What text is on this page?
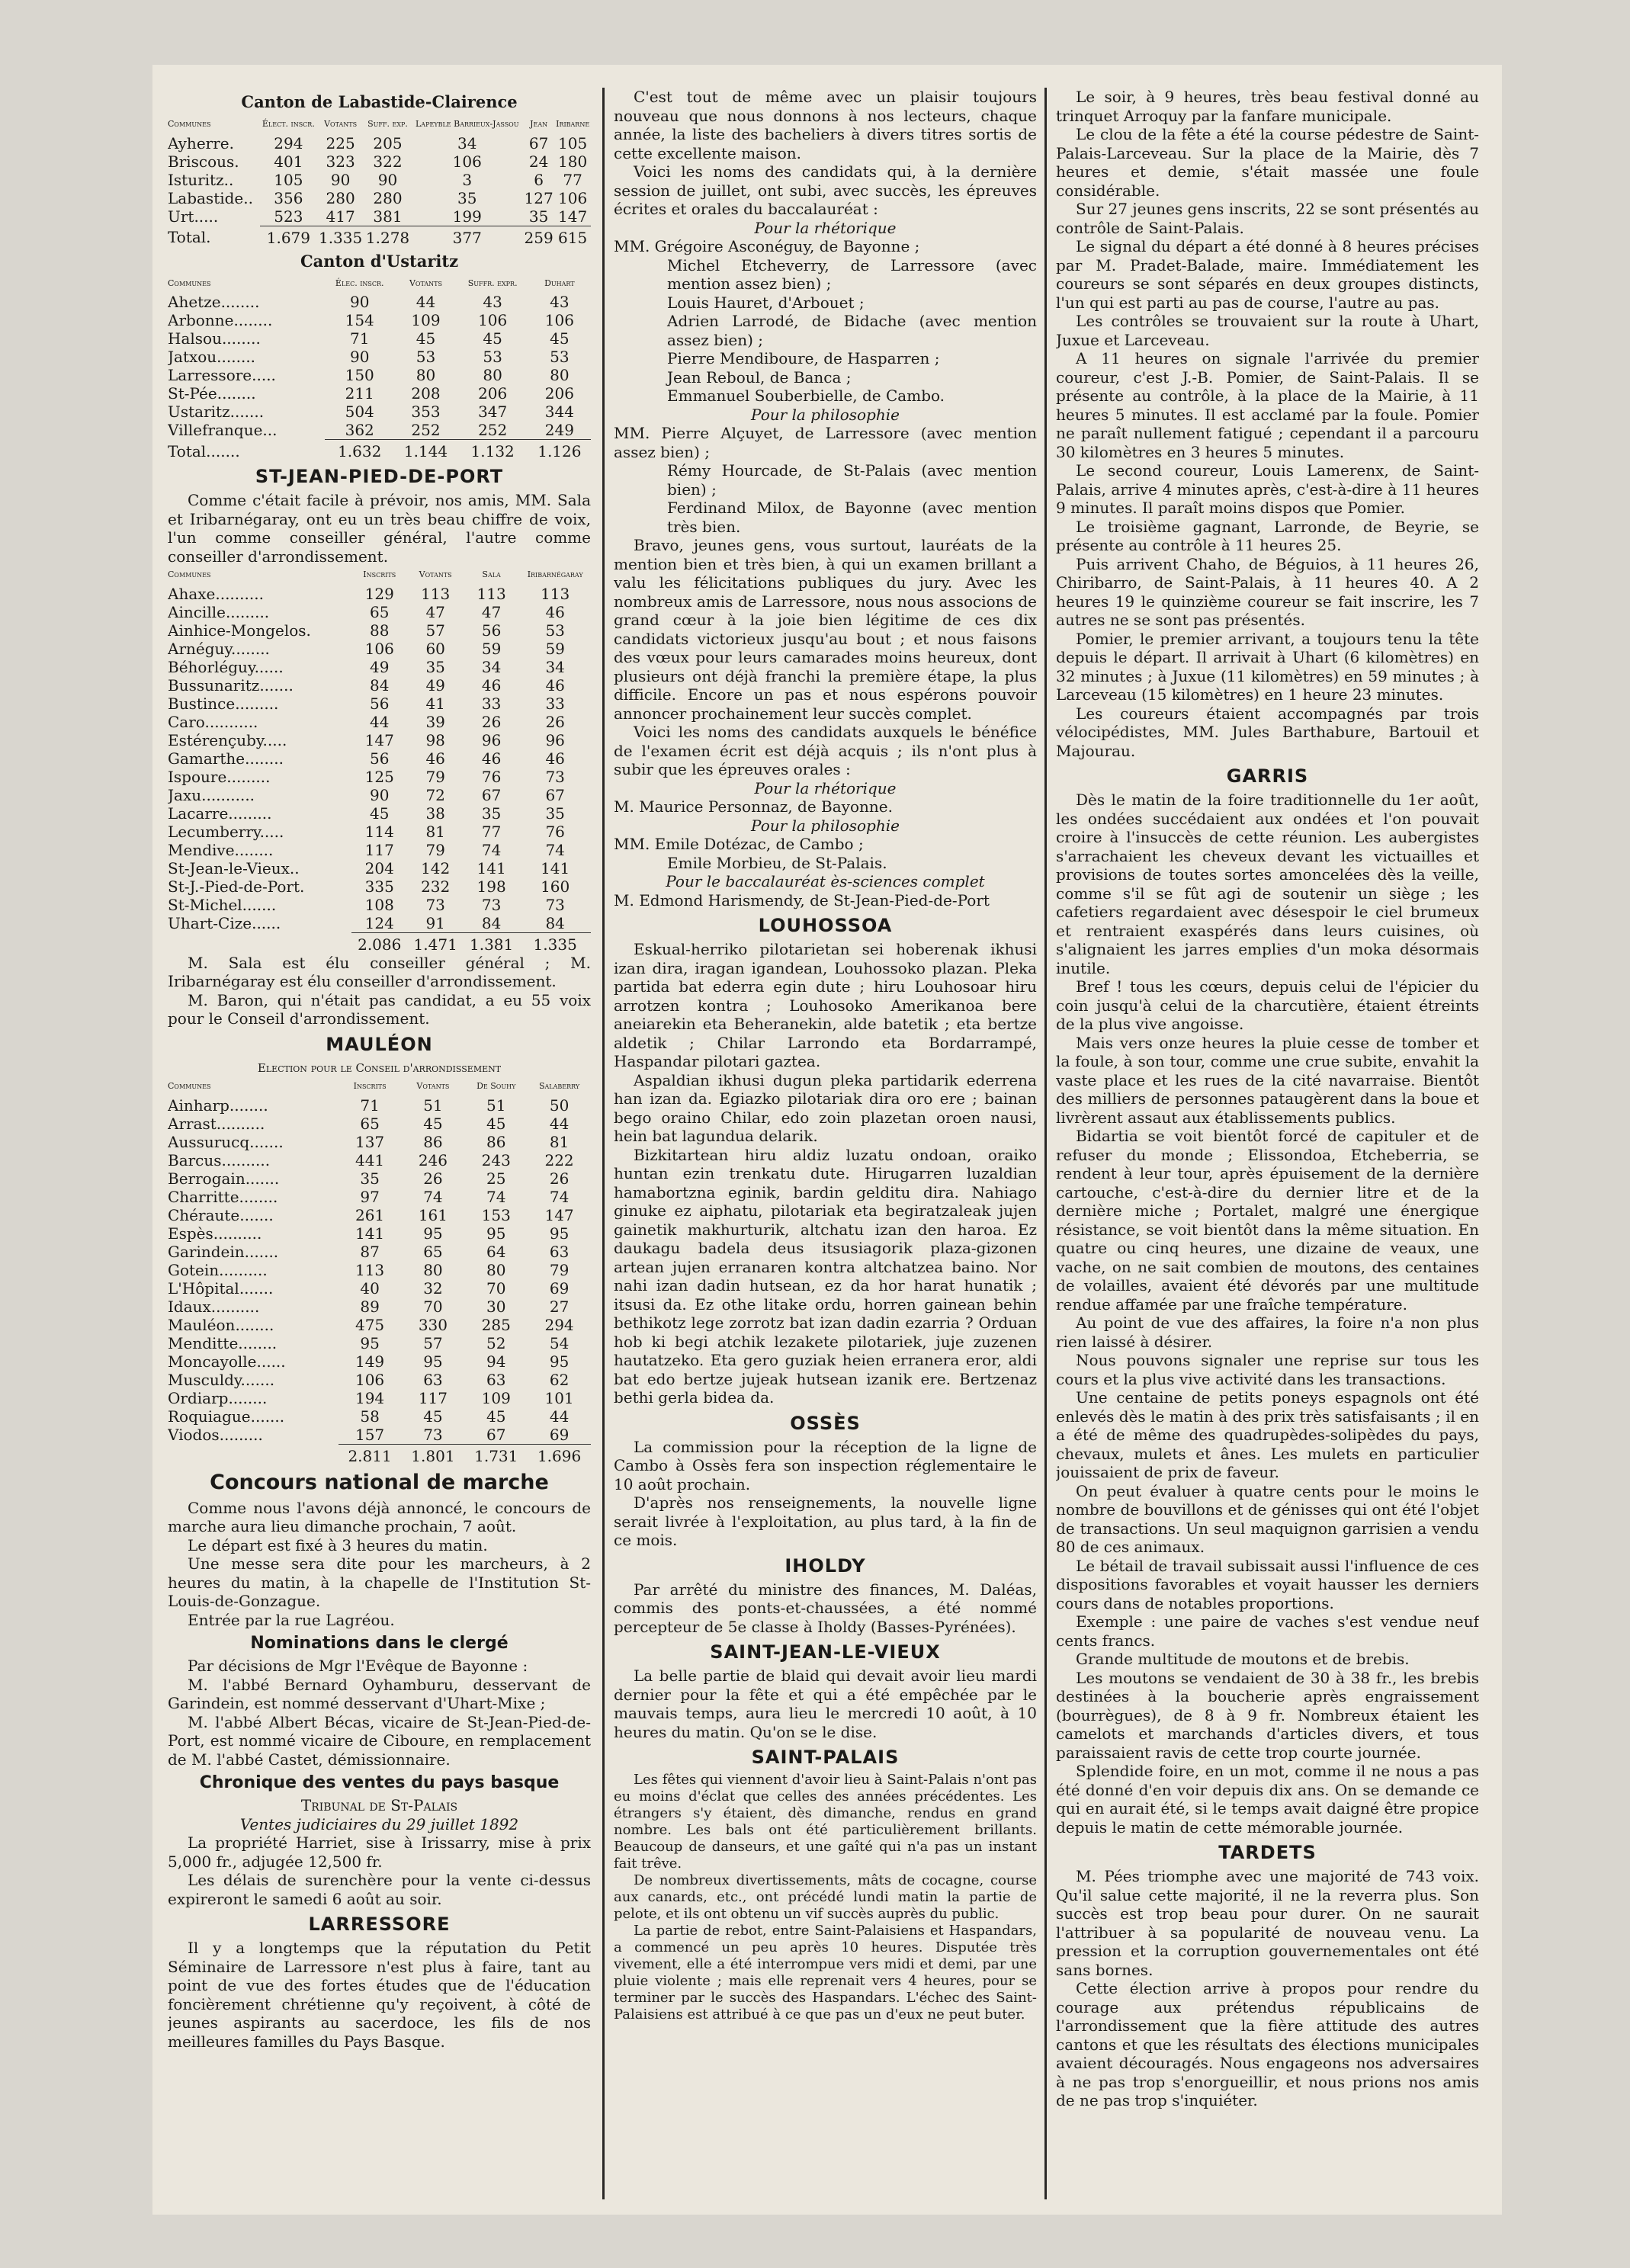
Canton de Labastide-Clairence
Communes	Élect. inscr.	Votants	Suff. exp.	Lapeyble Barrieux-Jassou	Jean	Iribarne
Ayherre.	294	225	205	34	67	105
Briscous.	401	323	322	106	24	180
Isturitz..	105	90	90	3	6	77
Labastide..	356	280	280	35	127	106
Urt.....	523	417	381	199	35	147
Total.	1.679	1.335	1.278	377	259	615
Canton d'Ustaritz
Communes	Élec. inscr.	Votants	Suffr. expr.	Duhart
Ahetze........	90	44	43	43
Arbonne........	154	109	106	106
Halsou........	71	45	45	45
Jatxou........	90	53	53	53
Larressore.....	150	80	80	80
St-Pée........	211	208	206	206
Ustaritz.......	504	353	347	344
Villefranque...	362	252	252	249
Total.......	1.632	1.144	1.132	1.126
ST-JEAN-PIED-DE-PORT

Comme c'était facile à prévoir, nos amis, MM. Sala et Iribarnégaray, ont eu un très beau chiffre de voix, l'un comme conseiller général, l'autre comme conseiller d'arrondissement.

Communes	Inscrits	Votants	Sala	Iribarnégaray
Ahaxe..........	129	113	113	113
Aincille.........	65	47	47	46
Ainhice-Mongelos.	88	57	56	53
Arnéguy........	106	60	59	59
Béhorléguy......	49	35	34	34
Bussunaritz.......	84	49	46	46
Bustince.........	56	41	33	33
Caro...........	44	39	26	26
Estérençuby.....	147	98	96	96
Gamarthe........	56	46	46	46
Ispoure.........	125	79	76	73
Jaxu...........	90	72	67	67
Lacarre.........	45	38	35	35
Lecumberry.....	114	81	77	76
Mendive........	117	79	74	74
St-Jean-le-Vieux..	204	142	141	141
St-J.-Pied-de-Port.	335	232	198	160
St-Michel.......	108	73	73	73
Uhart-Cize......	124	91	84	84
	2.086	1.471	1.381	1.335

M. Sala est élu conseiller général ; M. Iribarnégaray est élu conseiller d'arrondissement.

M. Baron, qui n'était pas candidat, a eu 55 voix pour le Conseil d'arrondissement.

MAULÉON
Election pour le Conseil d'arrondissement
Communes	Inscrits	Votants	De Souhy	Salaberry
Ainharp........	71	51	51	50
Arrast..........	65	45	45	44
Aussurucq.......	137	86	86	81
Barcus..........	441	246	243	222
Berrogain.......	35	26	25	26
Charritte........	97	74	74	74
Chéraute.......	261	161	153	147
Espès..........	141	95	95	95
Garindein.......	87	65	64	63
Gotein..........	113	80	80	79
L'Hôpital.......	40	32	70	69
Idaux..........	89	70	30	27
Mauléon........	475	330	285	294
Menditte........	95	57	52	54
Moncayolle......	149	95	94	95
Musculdy.......	106	63	63	62
Ordiarp........	194	117	109	101
Roquiague.......	58	45	45	44
Viodos.........	157	73	67	69
	2.811	1.801	1.731	1.696
Concours national de marche

Comme nous l'avons déjà annoncé, le concours de marche aura lieu dimanche prochain, 7 août.

Le départ est fixé à 3 heures du matin.

Une messe sera dite pour les marcheurs, à 2 heures du matin, à la chapelle de l'Institution St-Louis-de-Gonzague.

Entrée par la rue Lagréou.

Nominations dans le clergé

Par décisions de Mgr l'Evêque de Bayonne :

M. l'abbé Bernard Oyhamburu, desservant de Garindein, est nommé desservant d'Uhart-Mixe ;

M. l'abbé Albert Bécas, vicaire de St-Jean-Pied-de-Port, est nommé vicaire de Ciboure, en remplacement de M. l'abbé Castet, démissionnaire.

Chronique des ventes du pays basque
Tribunal de St-Palais
Ventes judiciaires du 29 juillet 1892

La propriété Harriet, sise à Irissarry, mise à prix 5,000 fr., adjugée 12,500 fr.

Les délais de surenchère pour la vente ci-dessus expireront le samedi 6 août au soir.

LARRESSORE

Il y a longtemps que la réputation du Petit Séminaire de Larressore n'est plus à faire, tant au point de vue des fortes études que de l'éducation foncièrement chrétienne qu'y reçoivent, à côté de jeunes aspirants au sacerdoce, les fils de nos meilleures familles du Pays Basque.

C'est tout de même avec un plaisir toujours nouveau que nous donnons à nos lecteurs, chaque année, la liste des bacheliers à divers titres sortis de cette excellente maison.

Voici les noms des candidats qui, à la dernière session de juillet, ont subi, avec succès, les épreuves écrites et orales du baccalauréat :

Pour la rhétorique

MM. Grégoire Asconéguy, de Bayonne ;

Michel Etcheverry, de Larressore (avec mention assez bien) ;

Louis Hauret, d'Arbouet ;

Adrien Larrodé, de Bidache (avec mention assez bien) ;

Pierre Mendiboure, de Hasparren ;

Jean Reboul, de Banca ;

Emmanuel Souberbielle, de Cambo.

Pour la philosophie

MM. Pierre Alçuyet, de Larressore (avec mention assez bien) ;

Rémy Hourcade, de St-Palais (avec mention bien) ;

Ferdinand Milox, de Bayonne (avec mention très bien.

Bravo, jeunes gens, vous surtout, lauréats de la mention bien et très bien, à qui un examen brillant a valu les félicitations publiques du jury. Avec les nombreux amis de Larressore, nous nous associons de grand cœur à la joie bien légitime de ces dix candidats victorieux jusqu'au bout ; et nous faisons des vœux pour leurs camarades moins heureux, dont plusieurs ont déjà franchi la première étape, la plus difficile. Encore un pas et nous espérons pouvoir annoncer prochainement leur succès complet.

Voici les noms des candidats auxquels le bénéfice de l'examen écrit est déjà acquis ; ils n'ont plus à subir que les épreuves orales :

Pour la rhétorique

M. Maurice Personnaz, de Bayonne.

Pour la philosophie

MM. Emile Dotézac, de Cambo ;

Emile Morbieu, de St-Palais.

Pour le baccalauréat ès-sciences complet

M. Edmond Harismendy, de St-Jean-Pied-de-Port

LOUHOSSOA

Eskual-herriko pilotarietan sei hoberenak ikhusi izan dira, iragan igandean, Louhossoko plazan. Pleka partida bat ederra egin dute ; hiru Louhosoar hiru arrotzen kontra ; Louhosoko Amerikanoa bere aneiarekin eta Beheranekin, alde batetik ; eta bertze aldetik ; Chilar Larrondo eta Bordarrampé, Haspandar pilotari gaztea.

Aspaldian ikhusi dugun pleka partidarik ederrena han izan da. Egiazko pilotariak dira oro ere ; bainan bego oraino Chilar, edo zoin plazetan oroen nausi, hein bat lagundua delarik.

Bizkitartean hiru aldiz luzatu ondoan, oraiko huntan ezin trenkatu dute. Hirugarren luzaldian hamabortzna eginik, bardin gelditu dira. Nahiago ginuke ez aiphatu, pilotariak eta begiratzaleak jujen gainetik makhurturik, altchatu izan den haroa. Ez daukagu badela deus itsusiagorik plaza-gizonen artean jujen erranaren kontra altchatzea baino. Nor nahi izan dadin hutsean, ez da hor harat hunatik ; itsusi da. Ez othe litake ordu, horren gainean behin bethikotz lege zorrotz bat izan dadin ezarria ? Orduan hob ki begi atchik lezakete pilotariek, juje zuzenen hautatzeko. Eta gero guziak heien erranera eror, aldi bat edo bertze jujeak hutsean izanik ere. Bertzenaz bethi gerla bidea da.

OSSÈS

La commission pour la réception de la ligne de Cambo à Ossès fera son inspection réglementaire le 10 août prochain.

D'après nos renseignements, la nouvelle ligne serait livrée à l'exploitation, au plus tard, à la fin de ce mois.

IHOLDY

Par arrêté du ministre des finances, M. Daléas, commis des ponts-et-chaussées, a été nommé percepteur de 5e classe à Iholdy (Basses-Pyrénées).

SAINT-JEAN-LE-VIEUX

La belle partie de blaid qui devait avoir lieu mardi dernier pour la fête et qui a été empêchée par le mauvais temps, aura lieu le mercredi 10 août, à 10 heures du matin. Qu'on se le dise.

SAINT-PALAIS

Les fêtes qui viennent d'avoir lieu à Saint-Palais n'ont pas eu moins d'éclat que celles des années précédentes. Les étrangers s'y étaient, dès dimanche, rendus en grand nombre. Les bals ont été particulièrement brillants. Beaucoup de danseurs, et une gaîté qui n'a pas un instant fait trêve.

De nombreux divertissements, mâts de cocagne, course aux canards, etc., ont précédé lundi matin la partie de pelote, et ils ont obtenu un vif succès auprès du public.

La partie de rebot, entre Saint-Palaisiens et Haspandars, a commencé un peu après 10 heures. Disputée très vivement, elle a été interrompue vers midi et demi, par une pluie violente ; mais elle reprenait vers 4 heures, pour se terminer par le succès des Haspandars. L'échec des Saint-Palaisiens est attribué à ce que pas un d'eux ne peut buter.

Le soir, à 9 heures, très beau festival donné au trinquet Arroquy par la fanfare municipale.

Le clou de la fête a été la course pédestre de Saint-Palais-Larceveau. Sur la place de la Mairie, dès 7 heures et demie, s'était massée une foule considérable.

Sur 27 jeunes gens inscrits, 22 se sont présentés au contrôle de Saint-Palais.

Le signal du départ a été donné à 8 heures précises par M. Pradet-Balade, maire. Immédiatement les coureurs se sont séparés en deux groupes distincts, l'un qui est parti au pas de course, l'autre au pas.

Les contrôles se trouvaient sur la route à Uhart, Juxue et Larceveau.

A 11 heures on signale l'arrivée du premier coureur, c'est J.-B. Pomier, de Saint-Palais. Il se présente au contrôle, à la place de la Mairie, à 11 heures 5 minutes. Il est acclamé par la foule. Pomier ne paraît nullement fatigué ; cependant il a parcouru 30 kilomètres en 3 heures 5 minutes.

Le second coureur, Louis Lamerenx, de Saint-Palais, arrive 4 minutes après, c'est-à-dire à 11 heures 9 minutes. Il paraît moins dispos que Pomier.

Le troisième gagnant, Larronde, de Beyrie, se présente au contrôle à 11 heures 25.

Puis arrivent Chaho, de Béguios, à 11 heures 26, Chiribarro, de Saint-Palais, à 11 heures 40. A 2 heures 19 le quinzième coureur se fait inscrire, les 7 autres ne se sont pas présentés.

Pomier, le premier arrivant, a toujours tenu la tête depuis le départ. Il arrivait à Uhart (6 kilomètres) en 32 minutes ; à Juxue (11 kilomètres) en 59 minutes ; à Larceveau (15 kilomètres) en 1 heure 23 minutes.

Les coureurs étaient accompagnés par trois vélocipédistes, MM. Jules Barthabure, Bartouil et Majourau.

GARRIS

Dès le matin de la foire traditionnelle du 1er août, les ondées succédaient aux ondées et l'on pouvait croire à l'insuccès de cette réunion. Les aubergistes s'arrachaient les cheveux devant les victuailles et provisions de toutes sortes amoncelées dès la veille, comme s'il se fût agi de soutenir un siège ; les cafetiers regardaient avec désespoir le ciel brumeux et rentraient exaspérés dans leurs cuisines, où s'alignaient les jarres emplies d'un moka désormais inutile.

Bref ! tous les cœurs, depuis celui de l'épicier du coin jusqu'à celui de la charcutière, étaient étreints de la plus vive angoisse.

Mais vers onze heures la pluie cesse de tomber et la foule, à son tour, comme une crue subite, envahit la vaste place et les rues de la cité navarraise. Bientôt des milliers de personnes pataugèrent dans la boue et livrèrent assaut aux établissements publics.

Bidartia se voit bientôt forcé de capituler et de refuser du monde ; Elissondoa, Etcheberria, se rendent à leur tour, après épuisement de la dernière cartouche, c'est-à-dire du dernier litre et de la dernière miche ; Portalet, malgré une énergique résistance, se voit bientôt dans la même situation. En quatre ou cinq heures, une dizaine de veaux, une vache, on ne sait combien de moutons, des centaines de volailles, avaient été dévorés par une multitude rendue affamée par une fraîche température.

Au point de vue des affaires, la foire n'a non plus rien laissé à désirer.

Nous pouvons signaler une reprise sur tous les cours et la plus vive activité dans les transactions.

Une centaine de petits poneys espagnols ont été enlevés dès le matin à des prix très satisfaisants ; il en a été de même des quadrupèdes-solipèdes du pays, chevaux, mulets et ânes. Les mulets en particulier jouissaient de prix de faveur.

On peut évaluer à quatre cents pour le moins le nombre de bouvillons et de génisses qui ont été l'objet de transactions. Un seul maquignon garrisien a vendu 80 de ces animaux.

Le bétail de travail subissait aussi l'influence de ces dispositions favorables et voyait hausser les derniers cours dans de notables proportions.

Exemple : une paire de vaches s'est vendue neuf cents francs.

Grande multitude de moutons et de brebis.

Les moutons se vendaient de 30 à 38 fr., les brebis destinées à la boucherie après engraissement (bourrègues), de 8 à 9 fr. Nombreux étaient les camelots et marchands d'articles divers, et tous paraissaient ravis de cette trop courte journée.

Splendide foire, en un mot, comme il ne nous a pas été donné d'en voir depuis dix ans. On se demande ce qui en aurait été, si le temps avait daigné être propice depuis le matin de cette mémorable journée.

TARDETS

M. Pées triomphe avec une majorité de 743 voix. Qu'il salue cette majorité, il ne la reverra plus. Son succès est trop beau pour durer. On ne saurait l'attribuer à sa popularité de nouveau venu. La pression et la corruption gouvernementales ont été sans bornes.

Cette élection arrive à propos pour rendre du courage aux prétendus républicains de l'arrondissement que la fière attitude des autres cantons et que les résultats des élections municipales avaient découragés. Nous engageons nos adversaires à ne pas trop s'enorgueillir, et nous prions nos amis de ne pas trop s'inquiéter.
